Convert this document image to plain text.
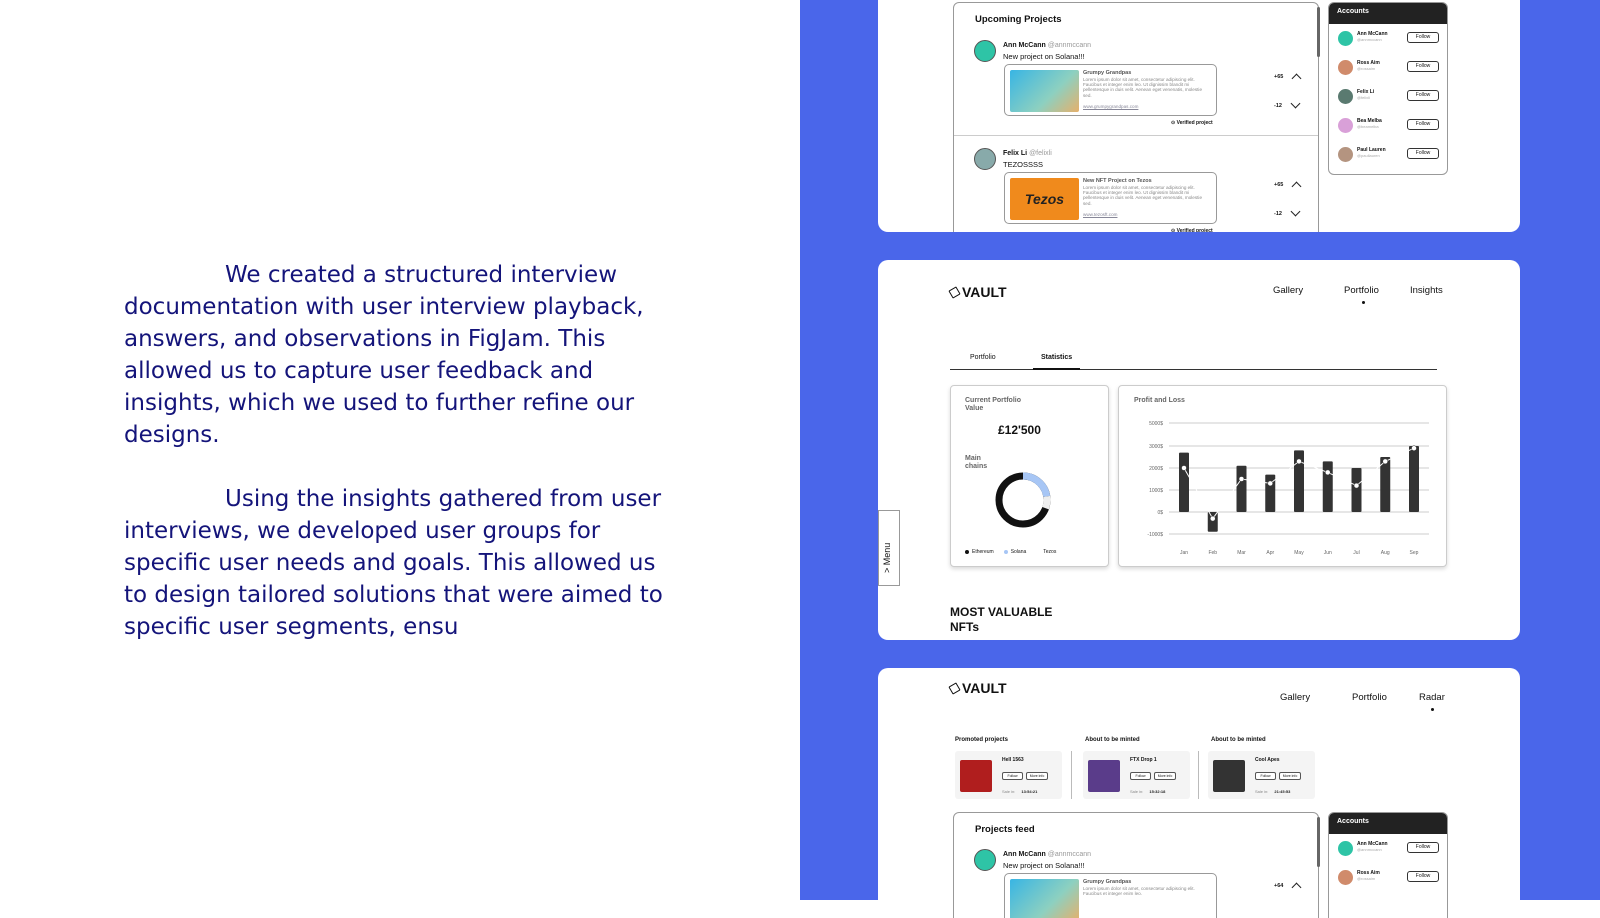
We created a structured interview documentation with user interview playback, answers, and observations in FigJam. This allowed us to capture user feedback and insights, which we used to further refine our designs.

Using the insights gathered from user interviews, we developed user groups for specific user needs and goals. This allowed us to design tailored solutions that were aimed to specific user segments, ensu

Upcoming Projects
Ann McCann @annmccann
New project on Solana!!!
Grumpy Grandpas
Lorem ipsum dolor sit amet, consectetur adipiscing elit. Faucibus et integer enim leo. Ut dignissim blandit mi pellentesque in duis velit. Aenean eget venenatis, molestie sed.
www.grumpygrandpas.com
⊙ Verified project
+65
-12
Felix Li @felixli
TEZOSSSS
Tezos
New NFT Project on Tezos
Lorem ipsum dolor sit amet, consectetur adipiscing elit. Faucibus et integer enim leo. Ut dignissim blandit mi pellentesque in duis velit. Aenean eget venenatis, molestie sed.
www.tezosft.com
⊙ Verified project
+65
-12
Accounts
Ann McCann
@annmccann	Follow
Ross Aim
@rossaim	Follow
Felix Li
@felixli	Follow
Bea Melba
@beamelba	Follow
Paul Lauren
@paullauren	Follow
VAULT	Gallery	Portfolio	Insights
Portfolio	Statistics
Current Portfolio Value
£12'500
Main chains
Ethereum	Solana	Tezos
Profit and Loss
5000$
3000$
2000$
1000$
0$
-1000$
Jan	Feb	Mar	Apr	May	Jun	Jul	Aug	Sep
> Menu
MOST VALUABLE NFTs
VAULT
Gallery	Portfolio	Radar
Promoted projects	About to be minted	About to be minted
Hell 1563
Follow	More info
Sale in: 13:54:21
FTX Drop 1
Follow	More info
Sale in: 15:32:18
Cool Apes
Follow	More info
Sale in: 21:45:53
Projects feed
Ann McCann @annmccann
New project on Solana!!!
Grumpy Grandpas
Lorem ipsum dolor sit amet, consectetur adipiscing elit. Faucibus et integer enim leo.
+64
Accounts
Ann McCann
@annmccann	Follow
Ross Aim
@rossaim	Follow
